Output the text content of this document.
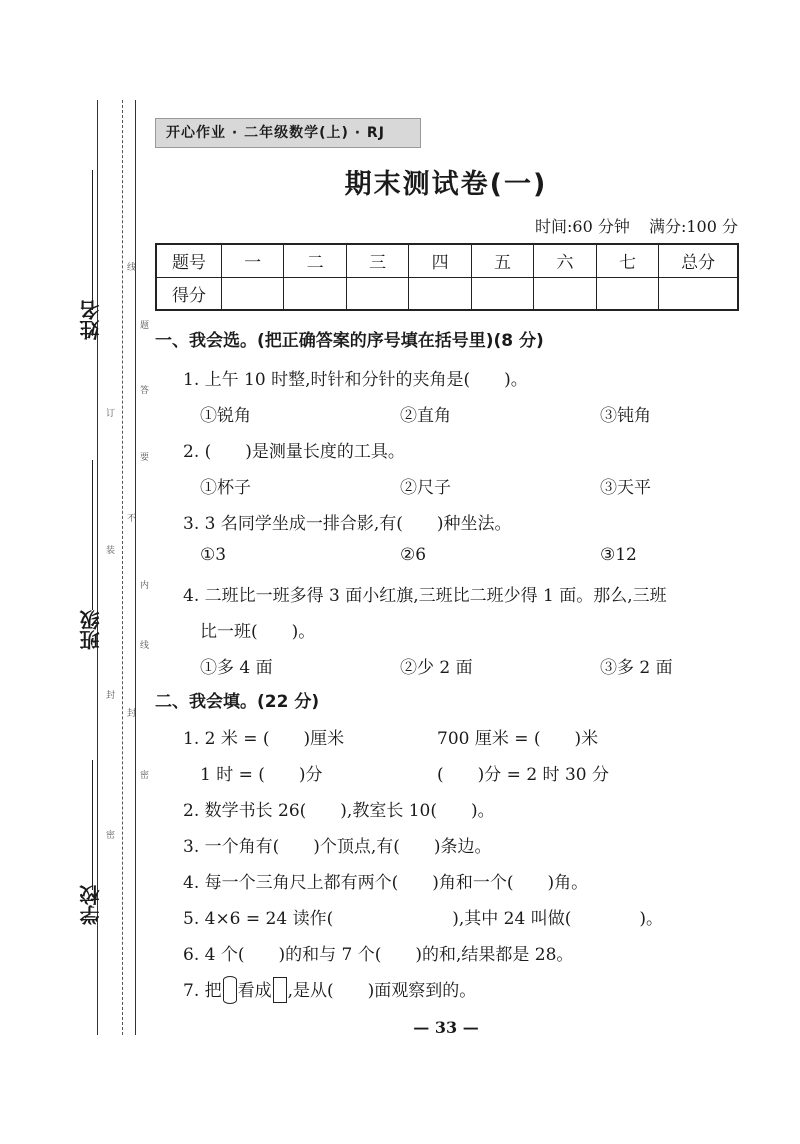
姓名
班级
学校
线
题
答
要
不
内
线
封
密
订
装
封
密
开心作业 · 二年级数学(上) · RJ
期末测试卷(一)
时间:60 分钟 满分:100 分
题号	一	二	三	四	五	六	七	总分
得分								
一、我会选。(把正确答案的序号填在括号里)(8 分)
1. 上午 10 时整,时针和分针的夹角是(　　)。
①锐角	②直角	③钝角
2. (　　)是测量长度的工具。
①杯子	②尺子	③天平
3. 3 名同学坐成一排合影,有(　　)种坐法。
①3	②6	③12
4. 二班比一班多得 3 面小红旗,三班比二班少得 1 面。那么,三班
比一班(　　)。
①多 4 面	②少 2 面	③多 2 面
二、我会填。(22 分)
1. 2 米 = (　　)厘米	700 厘米 = (　　)米
1 时 = (　　)分	(　　)分 = 2 时 30 分
2. 数学书长 26(　　),教室长 10(　　)。
3. 一个角有(　　)个顶点,有(　　)条边。
4. 每一个三角尺上都有两个(　　)角和一个(　　)角。
5. 4×6 = 24 读作(　　　　　　　),其中 24 叫做(　　　　)。
6. 4 个(　　)的和与 7 个(　　)的和,结果都是 28。
7. 把 看成 ,是从(　　)面观察到的。
— 33 —
